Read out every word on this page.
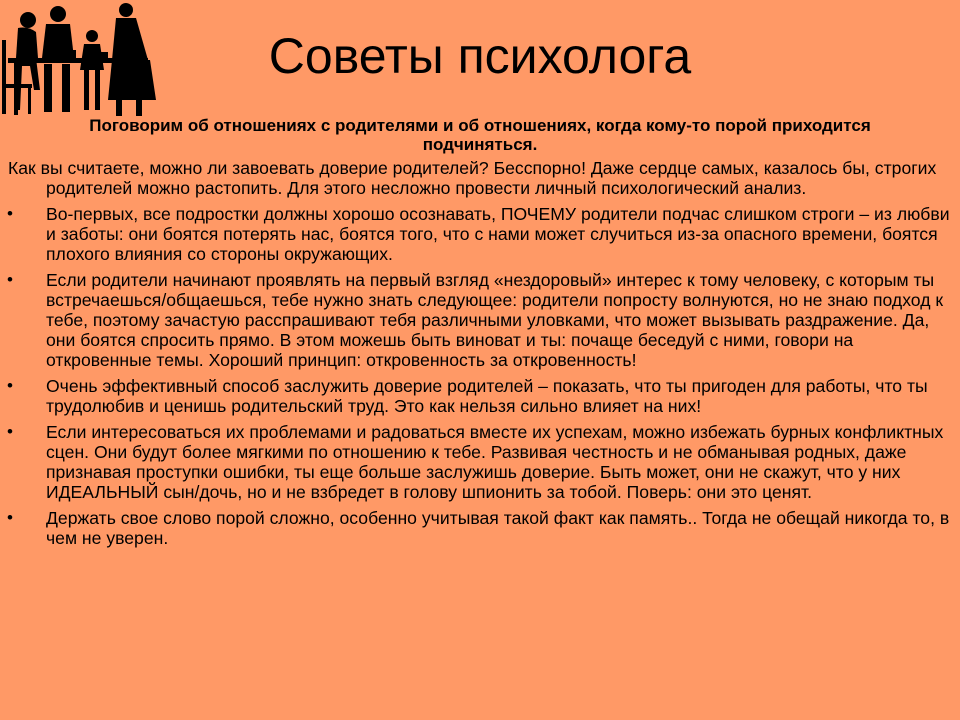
Советы психолога

Поговорим об отношениях с родителями и об отношениях, когда кому-то порой приходится подчиняться.

Как вы считаете, можно ли завоевать доверие родителей? Бесспорно! Даже сердце самых, казалось бы, строгих родителей можно растопить. Для этого несложно провести личный психологический анализ.

• Во-первых, все подростки должны хорошо осознавать, ПОЧЕМУ родители подчас слишком строги – из любви и заботы: они боятся потерять нас, боятся того, что с нами может случиться из-за опасного времени, боятся плохого влияния со стороны окружающих.
• Если родители начинают проявлять на первый взгляд «нездоровый» интерес к тому человеку, с которым ты встречаешься/общаешься, тебе нужно знать следующее: родители попросту волнуются, но не знаю подход к тебе, поэтому зачастую расспрашивают тебя различными уловками, что может вызывать раздражение. Да, они боятся спросить прямо. В этом можешь быть виноват и ты: почаще беседуй с ними, говори на откровенные темы. Хороший принцип: откровенность за откровенность!
• Очень эффективный способ заслужить доверие родителей – показать, что ты пригоден для работы, что ты трудолюбив и ценишь родительский труд. Это как нельзя сильно влияет на них!
• Если интересоваться их проблемами и радоваться вместе их успехам, можно избежать бурных конфликтных сцен. Они будут более мягкими по отношению к тебе. Развивая честность и не обманывая родных, даже признавая проступки ошибки, ты еще больше заслужишь доверие. Быть может, они не скажут, что у них ИДЕАЛЬНЫЙ сын/дочь, но и не взбредет в голову шпионить за тобой. Поверь: они это ценят.
• Держать свое слово порой сложно, особенно учитывая такой факт как память.. Тогда не обещай никогда то, в чем не уверен.
